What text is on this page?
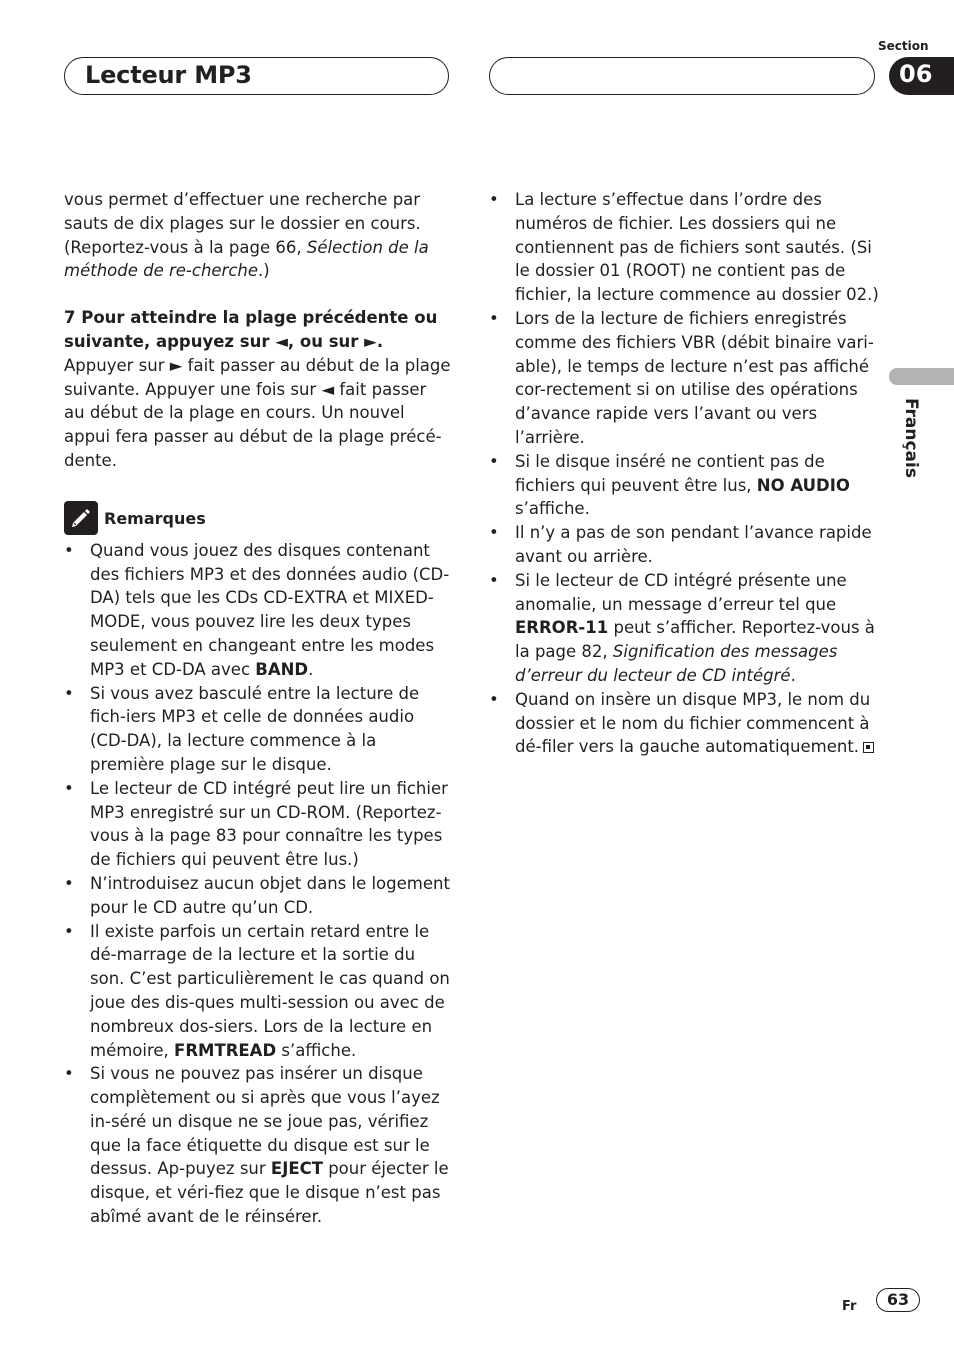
Lecteur MP3
Section
06
Français

vous permet d’effectuer une recherche par sauts de dix plages sur le dossier en cours. (Reportez-vous à la page 66, Sélection de la méthode de re-cherche.)

7 Pour atteindre la plage précédente ou suivante, appuyez sur ◄, ou sur ►.

Appuyer sur ► fait passer au début de la plage suivante. Appuyer une fois sur ◄ fait passer au début de la plage en cours. Un nouvel appui fera passer au début de la plage précé-dente.

Remarques
• Quand vous jouez des disques contenant des fichiers MP3 et des données audio (CD-DA) tels que les CDs CD-EXTRA et MIXED-MODE, vous pouvez lire les deux types seulement en changeant entre les modes MP3 et CD-DA avec BAND.
• Si vous avez basculé entre la lecture de fich-iers MP3 et celle de données audio (CD-DA), la lecture commence à la première plage sur le disque.
• Le lecteur de CD intégré peut lire un fichier MP3 enregistré sur un CD-ROM. (Reportez-vous à la page 83 pour connaître les types de fichiers qui peuvent être lus.)
• N’introduisez aucun objet dans le logement pour le CD autre qu’un CD.
• Il existe parfois un certain retard entre le dé-marrage de la lecture et la sortie du son. C’est particulièrement le cas quand on joue des dis-ques multi-session ou avec de nombreux dos-siers. Lors de la lecture en mémoire, FRMTREAD s’affiche.
• Si vous ne pouvez pas insérer un disque complètement ou si après que vous l’ayez in-séré un disque ne se joue pas, vérifiez que la face étiquette du disque est sur le dessus. Ap-puyez sur EJECT pour éjecter le disque, et véri-fiez que le disque n’est pas abîmé avant de le réinsérer.
• La lecture s’effectue dans l’ordre des numéros de fichier. Les dossiers qui ne contiennent pas de fichiers sont sautés. (Si le dossier 01 (ROOT) ne contient pas de fichier, la lecture commence au dossier 02.)
• Lors de la lecture de fichiers enregistrés comme des fichiers VBR (débit binaire vari-able), le temps de lecture n’est pas affiché cor-rectement si on utilise des opérations d’avance rapide vers l’avant ou vers l’arrière.
• Si le disque inséré ne contient pas de fichiers qui peuvent être lus, NO AUDIO s’affiche.
• Il n’y a pas de son pendant l’avance rapide avant ou arrière.
• Si le lecteur de CD intégré présente une anomalie, un message d’erreur tel que ERROR-11 peut s’afficher. Reportez-vous à la page 82, Signification des messages d’erreur du lecteur de CD intégré.
• Quand on insère un disque MP3, le nom du dossier et le nom du fichier commencent à dé-filer vers la gauche automatiquement.
Fr	63
